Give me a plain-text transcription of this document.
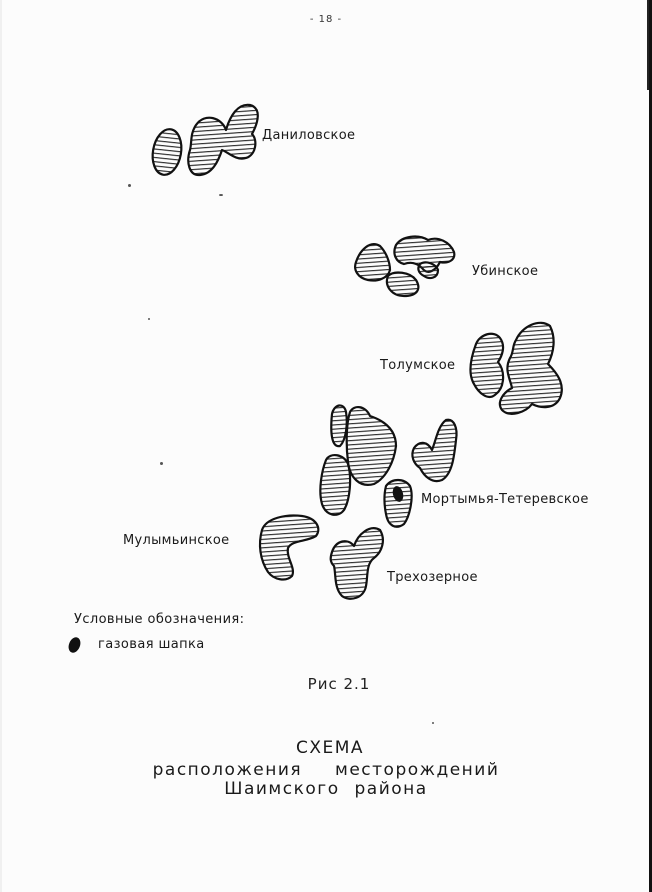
- 18 -
Даниловское
Убинское
Толумское
Мортымья-Тетеревское
Мулымьинское
Трехозерное
Условные обозначения:
газовая шапка
Рис 2.1
СХЕМА
расположения месторождений
Шаимского района
